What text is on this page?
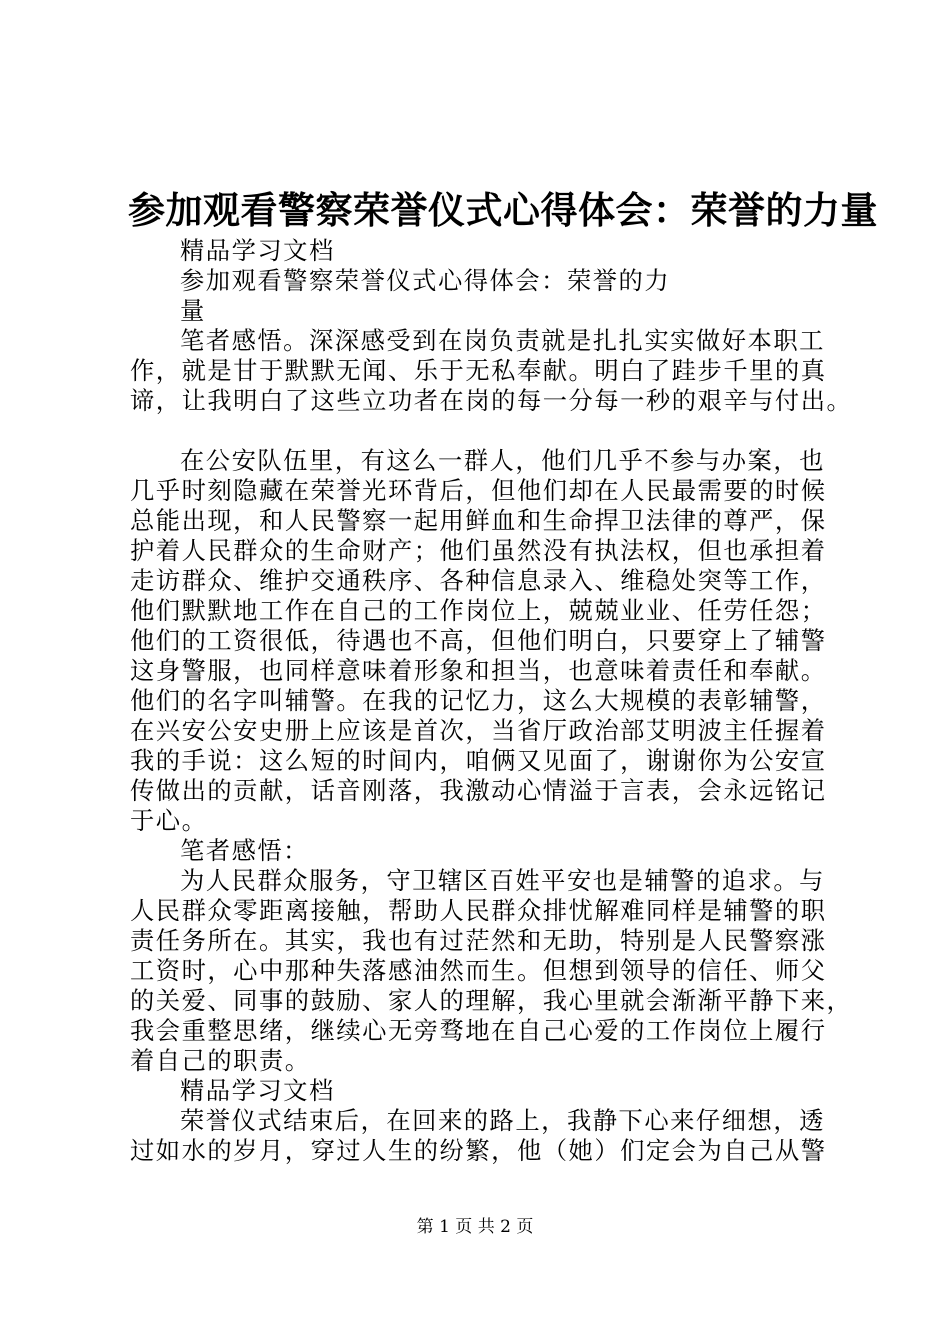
参加观看警察荣誉仪式心得体会：荣誉的力量
精品学习文档
参加观看警察荣誉仪式心得体会：荣誉的力
量
笔者感悟。深深感受到在岗负责就是扎扎实实做好本职工
作，就是甘于默默无闻、乐于无私奉献。明白了跬步千里的真
谛，让我明白了这些立功者在岗的每一分每一秒的艰辛与付出。
在公安队伍里，有这么一群人，他们几乎不参与办案，也
几乎时刻隐藏在荣誉光环背后，但他们却在人民最需要的时候
总能出现，和人民警察一起用鲜血和生命捍卫法律的尊严，保
护着人民群众的生命财产；他们虽然没有执法权，但也承担着
走访群众、维护交通秩序、各种信息录入、维稳处突等工作，
他们默默地工作在自己的工作岗位上，兢兢业业、任劳任怨；
他们的工资很低，待遇也不高，但他们明白，只要穿上了辅警
这身警服，也同样意味着形象和担当，也意味着责任和奉献。
他们的名字叫辅警。在我的记忆力，这么大规模的表彰辅警，
在兴安公安史册上应该是首次，当省厅政治部艾明波主任握着
我的手说：这么短的时间内，咱俩又见面了，谢谢你为公安宣
传做出的贡献，话音刚落，我激动心情溢于言表，会永远铭记
于心。
笔者感悟：
为人民群众服务，守卫辖区百姓平安也是辅警的追求。与
人民群众零距离接触，帮助人民群众排忧解难同样是辅警的职
责任务所在。其实，我也有过茫然和无助，特别是人民警察涨
工资时，心中那种失落感油然而生。但想到领导的信任、师父
的关爱、同事的鼓励、家人的理解，我心里就会渐渐平静下来，
我会重整思绪，继续心无旁骛地在自己心爱的工作岗位上履行
着自己的职责。
精品学习文档
荣誉仪式结束后，在回来的路上，我静下心来仔细想，透
过如水的岁月，穿过人生的纷繁，他（她）们定会为自己从警
第 1 页 共 2 页
